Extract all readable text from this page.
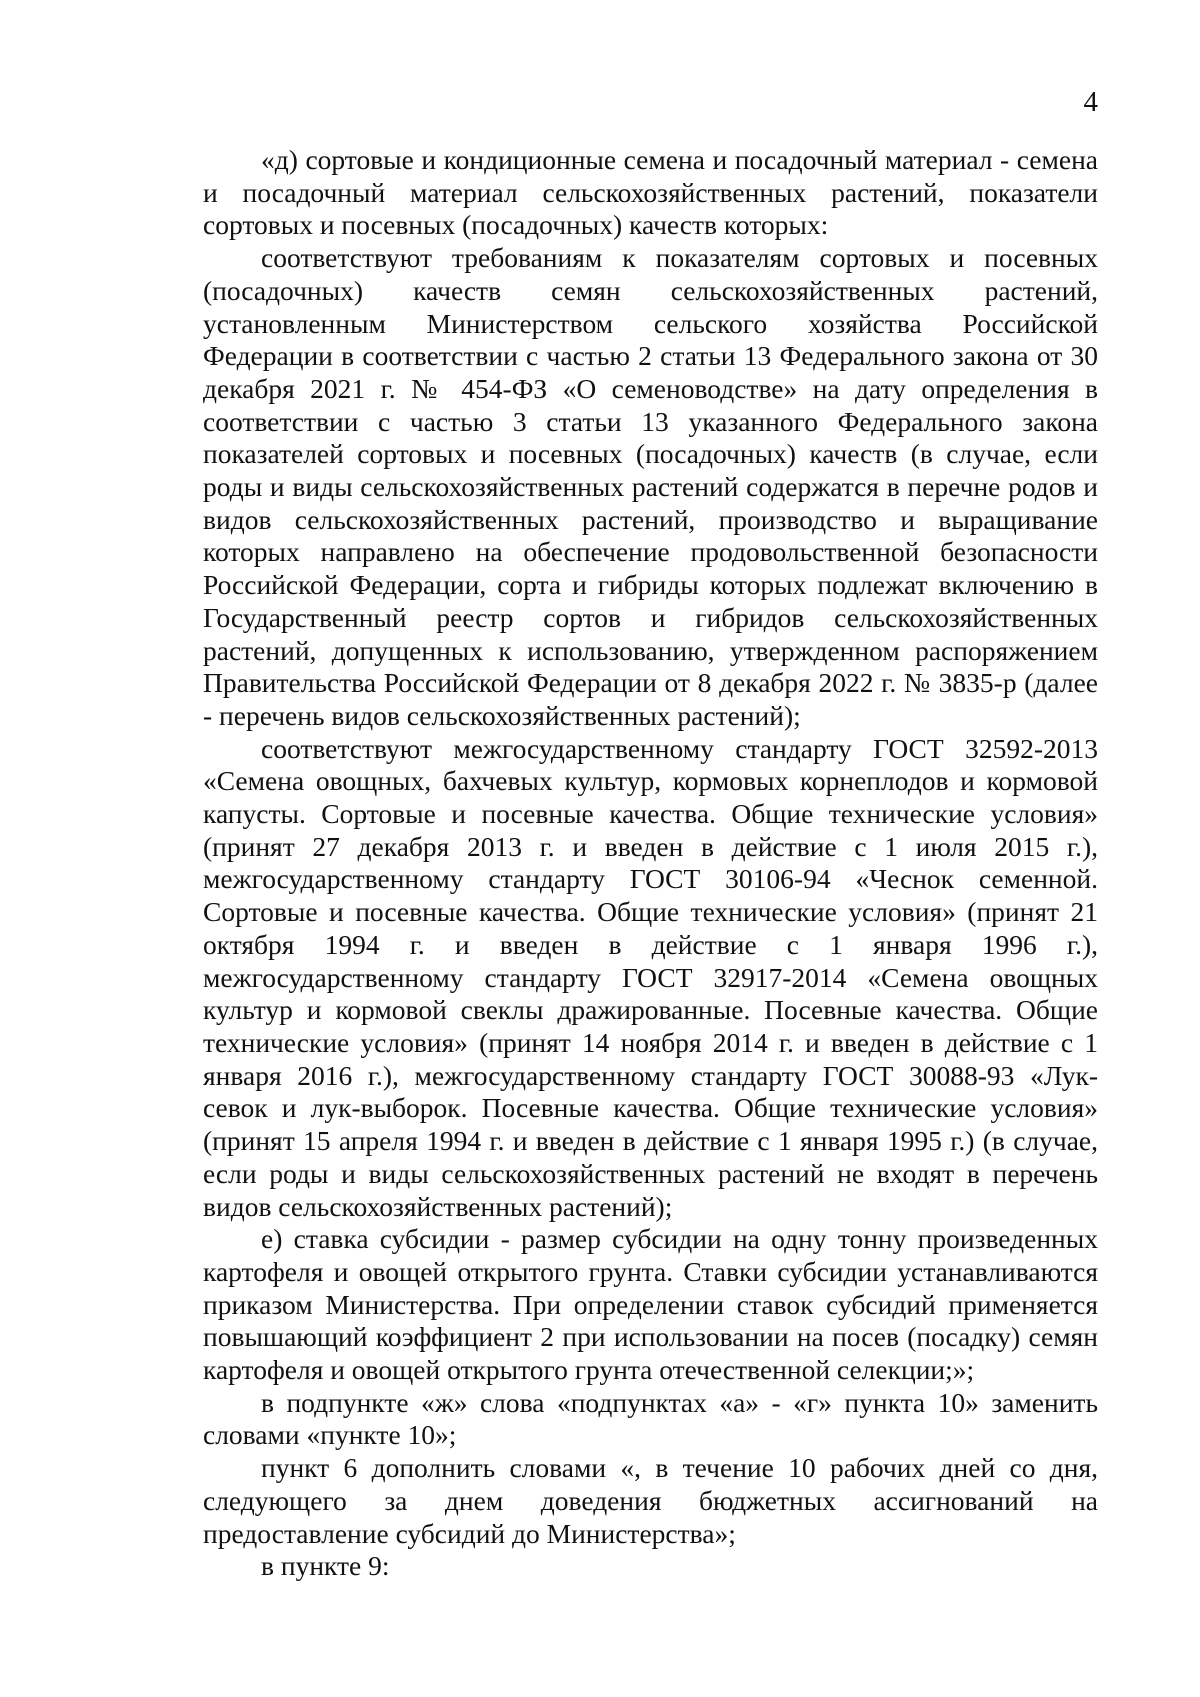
4

«д) сортовые и кондиционные семена и посадочный материал - семена и посадочный материал сельскохозяйственных растений, показатели сортовых и посевных (посадочных) качеств которых:

соответствуют требованиям к показателям сортовых и посевных (посадочных) качеств семян сельскохозяйственных растений, установленным Министерством сельского хозяйства Российской Федерации в соответствии с частью 2 статьи 13 Федерального закона от 30 декабря 2021 г. № 454-ФЗ «О семеноводстве» на дату определения в соответствии с частью 3 статьи 13 указанного Федерального закона показателей сортовых и посевных (посадочных) качеств (в случае, если роды и виды сельскохозяйственных растений содержатся в перечне родов и видов сельскохозяйственных растений, производство и выращивание которых направлено на обеспечение продовольственной безопасности Российской Федерации, сорта и гибриды которых подлежат включению в Государственный реестр сортов и гибридов сельскохозяйственных растений, допущенных к использованию, утвержденном распоряжением Правительства Российской Федерации от 8 декабря 2022 г. № 3835-р (далее - перечень видов сельскохозяйственных растений);

соответствуют межгосударственному стандарту ГОСТ 32592-2013 «Семена овощных, бахчевых культур, кормовых корнеплодов и кормовой капусты. Сортовые и посевные качества. Общие технические условия» (принят 27 декабря 2013 г. и введен в действие с 1 июля 2015 г.), межгосударственному стандарту ГОСТ 30106-94 «Чеснок семенной. Сортовые и посевные качества. Общие технические условия» (принят 21 октября 1994 г. и введен в действие с 1 января 1996 г.), межгосударственному стандарту ГОСТ 32917-2014 «Семена овощных культур и кормовой свеклы дражированные. Посевные качества. Общие технические условия» (принят 14 ноября 2014 г. и введен в действие с 1 января 2016 г.), межгосударственному стандарту ГОСТ 30088-93 «Лук-севок и лук-выборок. Посевные качества. Общие технические условия» (принят 15 апреля 1994 г. и введен в действие с 1 января 1995 г.) (в случае, если роды и виды сельскохозяйственных растений не входят в перечень видов сельскохозяйственных растений);

е) ставка субсидии - размер субсидии на одну тонну произведенных картофеля и овощей открытого грунта. Ставки субсидии устанавливаются приказом Министерства. При определении ставок субсидий применяется повышающий коэффициент 2 при использовании на посев (посадку) семян картофеля и овощей открытого грунта отечественной селекции;»;

в подпункте «ж» слова «подпунктах «а» - «г» пункта 10» заменить словами «пункте 10»;

пункт 6 дополнить словами «, в течение 10 рабочих дней со дня, следующего за днем доведения бюджетных ассигнований на предоставление субсидий до Министерства»;

в пункте 9:
